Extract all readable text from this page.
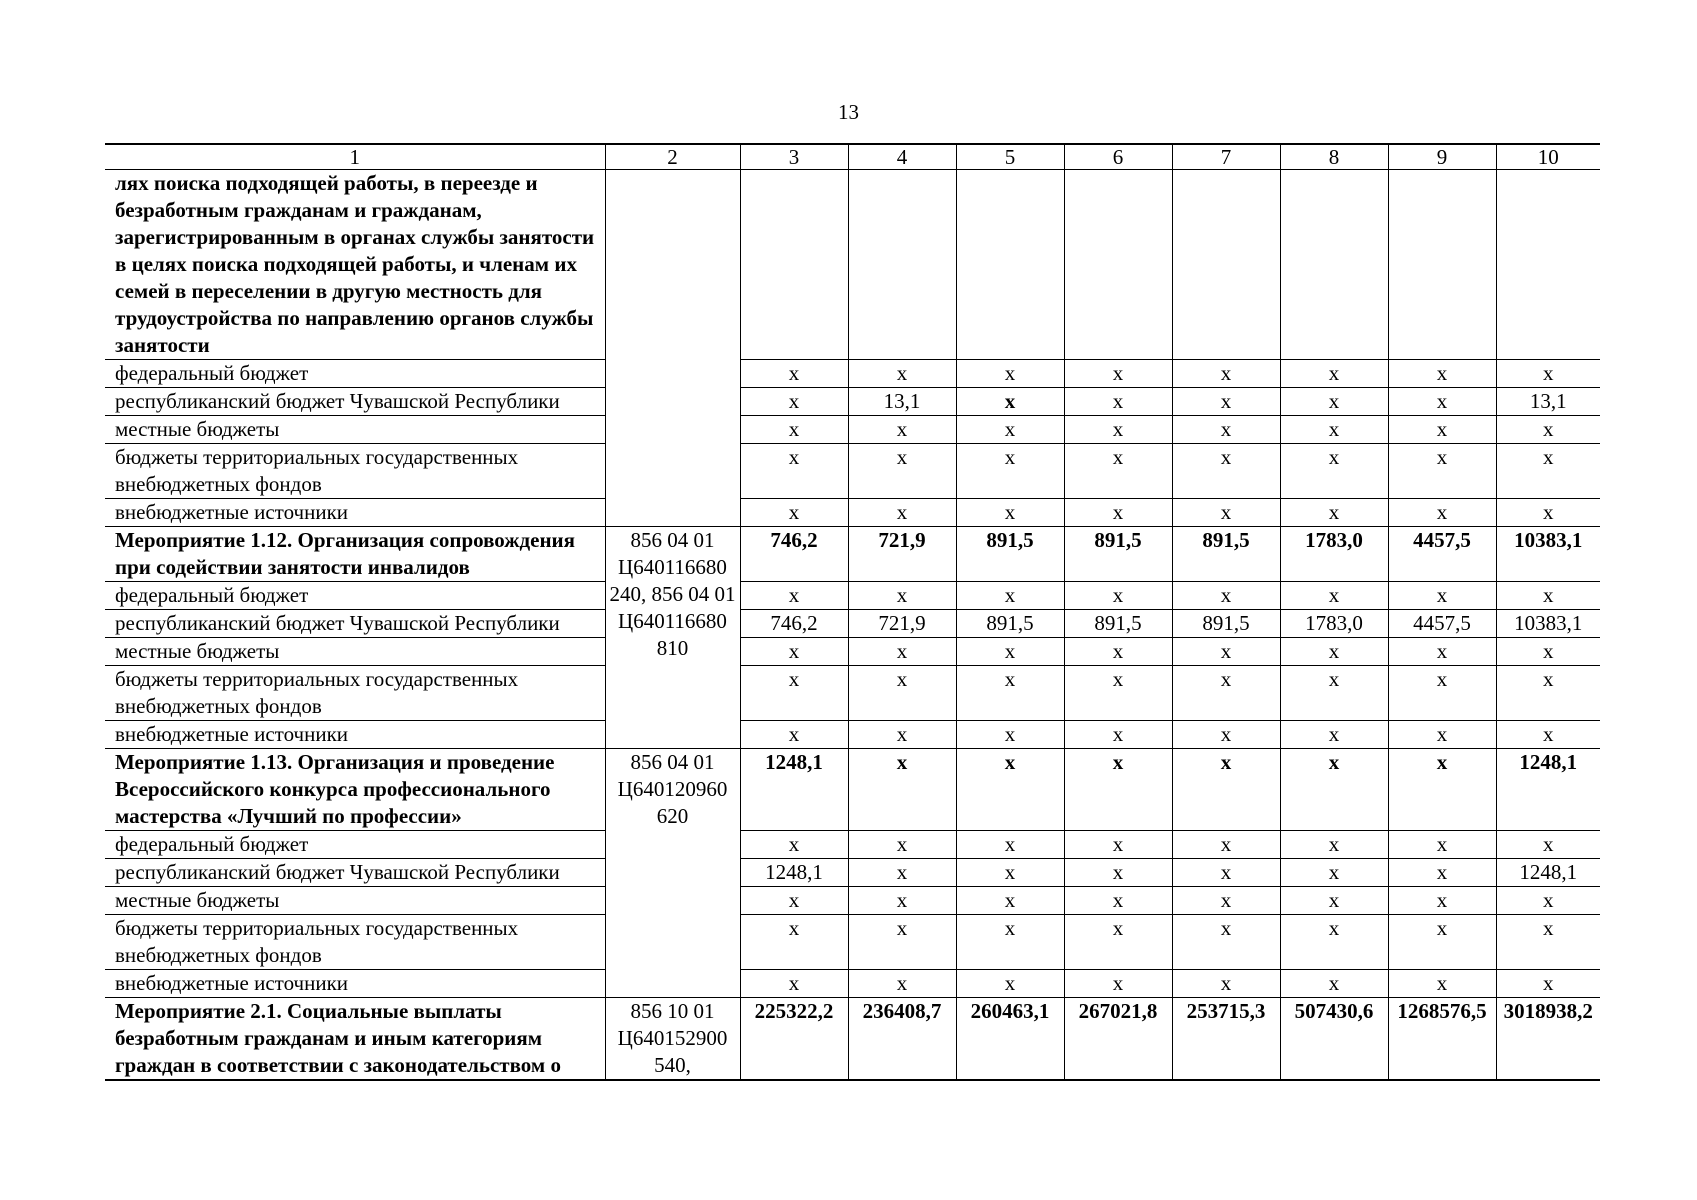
13
1	2	3	4	5	6	7	8	9	10
лях поиска подходящей работы, в переезде и безработным гражданам и гражданам, зарегистрированным в органах службы занятости в целях поиска подходящей работы, и членам их семей в переселении в другую местность для трудоустройства по направлению органов службы занятости									
федеральный бюджет		х	х	х	х	х	х	х	х
республиканский бюджет Чувашской Республики		х	13,1	х	х	х	х	х	13,1
местные бюджеты		х	х	х	х	х	х	х	х
бюджеты территориальных государственных внебюджетных фондов		х	х	х	х	х	х	х	х
внебюджетные источники		х	х	х	х	х	х	х	х
Мероприятие 1.12. Организация сопровождения при содействии занятости инвалидов	856 04 01 Ц640116680 240, 856 04 01 Ц640116680 810	746,2	721,9	891,5	891,5	891,5	1783,0	4457,5	10383,1
федеральный бюджет		х	х	х	х	х	х	х	х
республиканский бюджет Чувашской Республики		746,2	721,9	891,5	891,5	891,5	1783,0	4457,5	10383,1
местные бюджеты		х	х	х	х	х	х	х	х
бюджеты территориальных государственных внебюджетных фондов		х	х	х	х	х	х	х	х
внебюджетные источники		х	х	х	х	х	х	х	х
Мероприятие 1.13. Организация и проведение Всероссийского конкурса профессионального мастерства «Лучший по профессии»	856 04 01 Ц640120960 620	1248,1	х	х	х	х	х	х	1248,1
федеральный бюджет		х	х	х	х	х	х	х	х
республиканский бюджет Чувашской Республики		1248,1	х	х	х	х	х	х	1248,1
местные бюджеты		х	х	х	х	х	х	х	х
бюджеты территориальных государственных внебюджетных фондов		х	х	х	х	х	х	х	х
внебюджетные источники		х	х	х	х	х	х	х	х
Мероприятие 2.1. Социальные выплаты безработным гражданам и иным категориям граждан в соответствии с законодательством о	856 10 01 Ц640152900 540,	225322,2	236408,7	260463,1	267021,8	253715,3	507430,6	1268576,5	3018938,2
